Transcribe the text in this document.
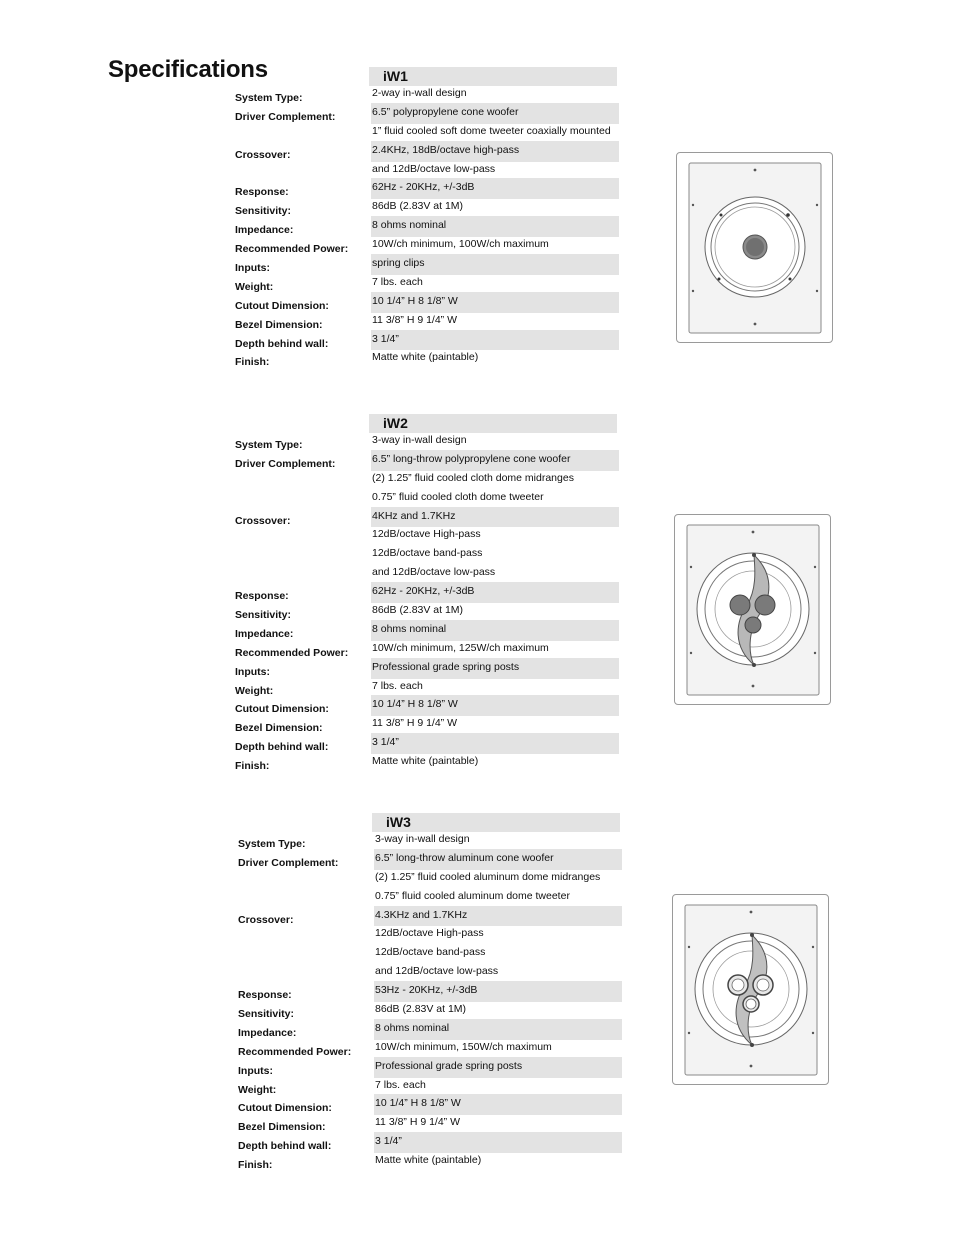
Specifications	iW1
System Type:	2-way in-wall design
Driver Complement:	6.5” polypropylene cone woofer
1” fluid cooled soft dome tweeter coaxially mounted
Crossover:	2.4KHz, 18dB/octave high-pass
and 12dB/octave low-pass
Response:	62Hz - 20KHz, +/-3dB
Sensitivity:	86dB (2.83V at 1M)
Impedance:	8 ohms nominal
Recommended Power:	10W/ch minimum, 100W/ch maximum
Inputs:	spring clips
Weight:	7 lbs. each
Cutout Dimension:	10 1/4” H 8 1/8” W
Bezel Dimension:	11 3/8” H 9 1/4” W
Depth behind wall:	3 1/4”
Finish:	Matte white (paintable)
iW2
System Type:	3-way in-wall design
Driver Complement:	6.5” long-throw polypropylene cone woofer
(2) 1.25” fluid cooled cloth dome midranges
0.75” fluid cooled cloth dome tweeter
Crossover:	4KHz and 1.7KHz
12dB/octave High-pass
12dB/octave band-pass
and 12dB/octave low-pass
Response:	62Hz - 20KHz, +/-3dB
Sensitivity:	86dB (2.83V at 1M)
Impedance:	8 ohms nominal
Recommended Power:	10W/ch minimum, 125W/ch maximum
Inputs:	Professional grade spring posts
Weight:	7 lbs. each
Cutout Dimension:	10 1/4” H 8 1/8” W
Bezel Dimension:	11 3/8” H 9 1/4” W
Depth behind wall:	3 1/4”
Finish:	Matte white (paintable)
iW3
System Type:	3-way in-wall design
Driver Complement:	6.5” long-throw aluminum cone woofer
(2) 1.25” fluid cooled aluminum dome midranges
0.75” fluid cooled aluminum dome tweeter
Crossover:	4.3KHz and 1.7KHz
12dB/octave High-pass
12dB/octave band-pass
and 12dB/octave low-pass
Response:	53Hz - 20KHz, +/-3dB
Sensitivity:	86dB (2.83V at 1M)
Impedance:	8 ohms nominal
Recommended Power:	10W/ch minimum, 150W/ch maximum
Inputs:	Professional grade spring posts
Weight:	7 lbs. each
Cutout Dimension:	10 1/4” H 8 1/8” W
Bezel Dimension:	11 3/8” H 9 1/4” W
Depth behind wall:	3 1/4”
Finish:	Matte white (paintable)
